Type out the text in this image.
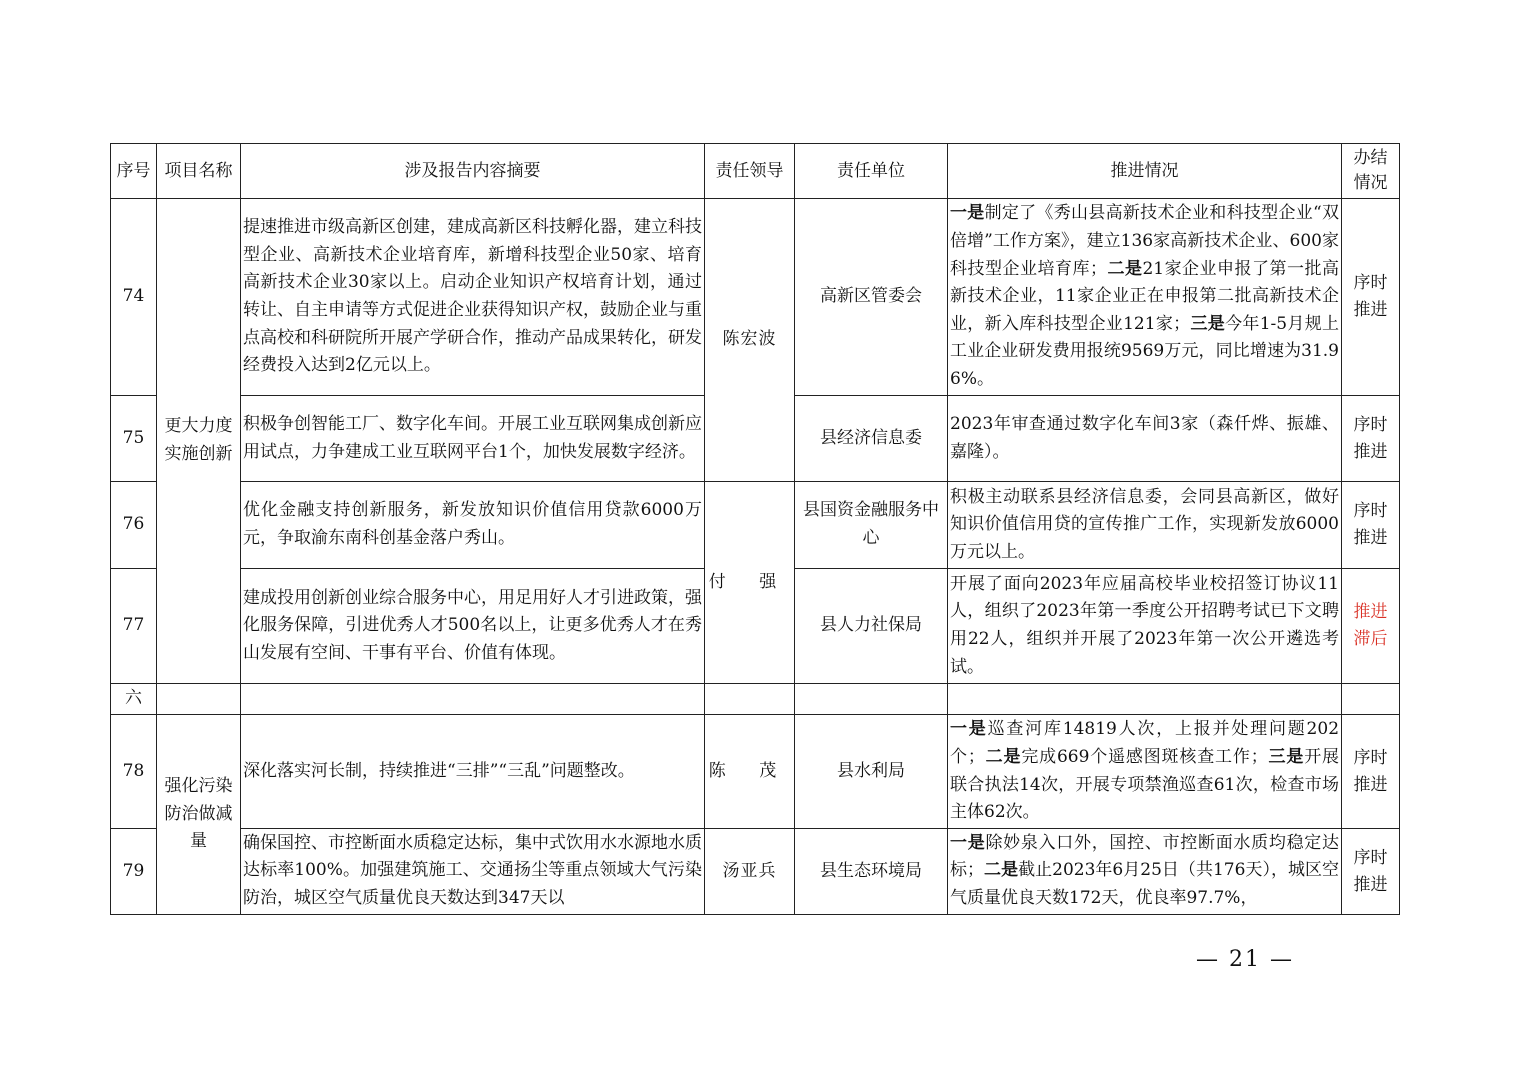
序号	项目名称	涉及报告内容摘要	责任领导	责任单位	推进情况	办结情况
74	更大力度实施创新	提速推进市级高新区创建，建成高新区科技孵化器，建立科技型企业、高新技术企业培育库，新增科技型企业50家、培育高新技术企业30家以上。启动企业知识产权培育计划，通过转让、自主申请等方式促进企业获得知识产权，鼓励企业与重点高校和科研院所开展产学研合作，推动产品成果转化，研发经费投入达到2亿元以上。	陈宏波	高新区管委会	一是制定了《秀山县高新技术企业和科技型企业“双倍增”工作方案》，建立136家高新技术企业、600家科技型企业培育库；二是21家企业申报了第一批高新技术企业，11家企业正在申报第二批高新技术企业，新入库科技型企业121家；三是今年1-5月规上工业企业研发费用报统9569万元，同比增速为31.96%。	序时推进
75		积极争创智能工厂、数字化车间。开展工业互联网集成创新应用试点，力争建成工业互联网平台1个，加快发展数字经济。		县经济信息委	2023年审查通过数字化车间3家（森仟烨、振雄、嘉隆）。	序时推进
76		优化金融支持创新服务，新发放知识价值信用贷款6000万元，争取渝东南科创基金落户秀山。	付 强	县国资金融服务中心	积极主动联系县经济信息委，会同县高新区，做好知识价值信用贷的宣传推广工作，实现新发放6000万元以上。	序时推进
77		建成投用创新创业综合服务中心，用足用好人才引进政策，强化服务保障，引进优秀人才500名以上，让更多优秀人才在秀山发展有空间、干事有平台、价值有体现。		县人力社保局	开展了面向2023年应届高校毕业校招签订协议11人，组织了2023年第一季度公开招聘考试已下文聘用22人，组织并开展了2023年第一次公开遴选考试。	推进滞后
六						
78	强化污染防治做减量	深化落实河长制，持续推进“三排”“三乱”问题整改。	陈 茂	县水利局	一是巡查河库14819人次，上报并处理问题202个；二是完成669个遥感图斑核查工作；三是开展联合执法14次，开展专项禁渔巡查61次，检查市场主体62次。	序时推进
79		确保国控、市控断面水质稳定达标，集中式饮用水水源地水质达标率100%。加强建筑施工、交通扬尘等重点领域大气污染防治，城区空气质量优良天数达到347天以	汤亚兵	县生态环境局	一是除妙泉入口外，国控、市控断面水质均稳定达标；二是截止2023年6月25日（共176天），城区空气质量优良天数172天，优良率97.7%，	序时推进
— 21 —
